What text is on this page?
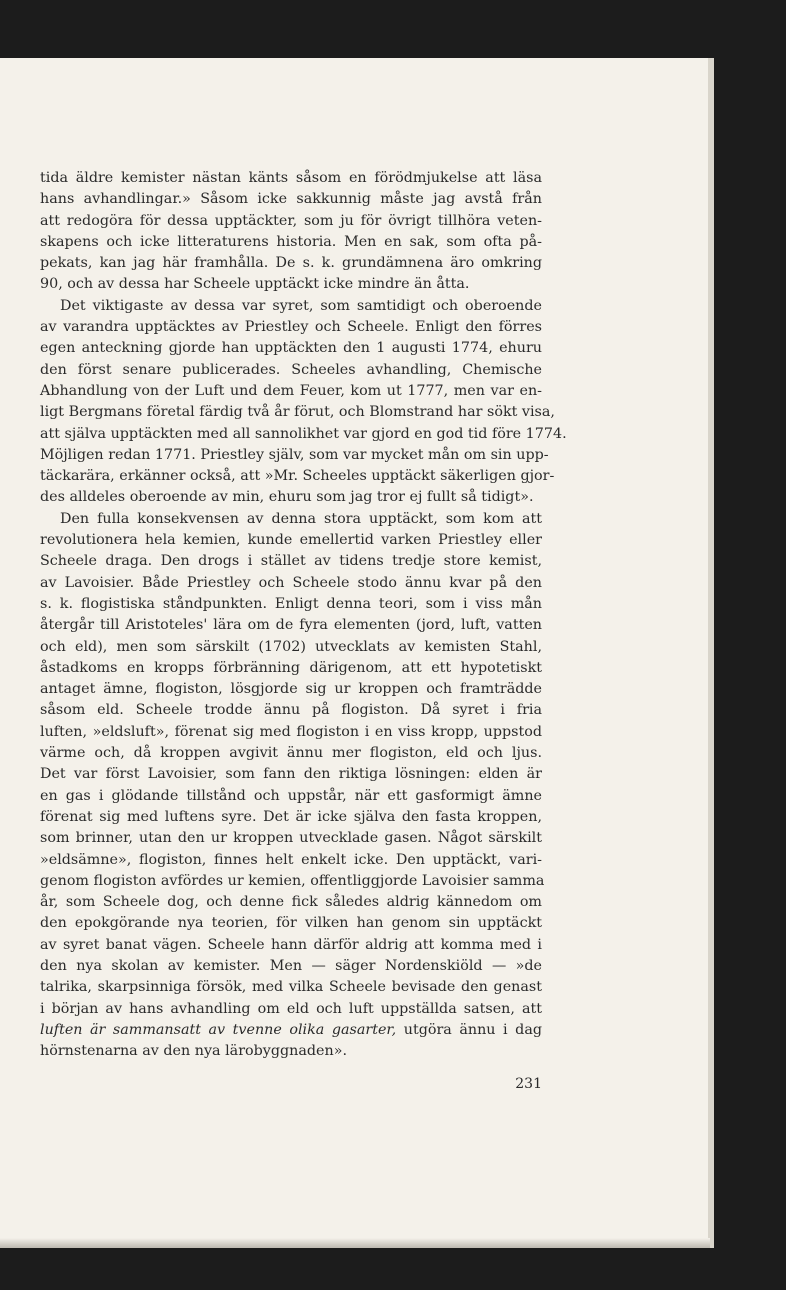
tida äldre kemister nästan känts såsom en förödmjukelse att läsa
hans avhandlingar.» Såsom icke sakkunnig måste jag avstå från
att redogöra för dessa upptäckter, som ju för övrigt tillhöra veten-
skapens och icke litteraturens historia. Men en sak, som ofta på-
pekats, kan jag här framhålla. De s. k. grundämnena äro omkring
90, och av dessa har Scheele upptäckt icke mindre än åtta.
Det viktigaste av dessa var syret, som samtidigt och oberoende
av varandra upptäcktes av Priestley och Scheele. Enligt den förres
egen anteckning gjorde han upptäckten den 1 augusti 1774, ehuru
den först senare publicerades. Scheeles avhandling, Chemische
Abhandlung von der Luft und dem Feuer, kom ut 1777, men var en-
ligt Bergmans företal färdig två år förut, och Blomstrand har sökt visa,
att själva upptäckten med all sannolikhet var gjord en god tid före 1774.
Möjligen redan 1771. Priestley själv, som var mycket mån om sin upp-
täckarära, erkänner också, att »Mr. Scheeles upptäckt säkerligen gjor-
des alldeles oberoende av min, ehuru som jag tror ej fullt så tidigt».
Den fulla konsekvensen av denna stora upptäckt, som kom att
revolutionera hela kemien, kunde emellertid varken Priestley eller
Scheele draga. Den drogs i stället av tidens tredje store kemist,
av Lavoisier. Både Priestley och Scheele stodo ännu kvar på den
s. k. flogistiska ståndpunkten. Enligt denna teori, som i viss mån
återgår till Aristoteles' lära om de fyra elementen (jord, luft, vatten
och eld), men som särskilt (1702) utvecklats av kemisten Stahl,
åstadkoms en kropps förbränning därigenom, att ett hypotetiskt
antaget ämne, flogiston, lösgjorde sig ur kroppen och framträdde
såsom eld. Scheele trodde ännu på flogiston. Då syret i fria
luften, »eldsluft», förenat sig med flogiston i en viss kropp, uppstod
värme och, då kroppen avgivit ännu mer flogiston, eld och ljus.
Det var först Lavoisier, som fann den riktiga lösningen: elden är
en gas i glödande tillstånd och uppstår, när ett gasformigt ämne
förenat sig med luftens syre. Det är icke själva den fasta kroppen,
som brinner, utan den ur kroppen utvecklade gasen. Något särskilt
»eldsämne», flogiston, finnes helt enkelt icke. Den upptäckt, vari-
genom flogiston avfördes ur kemien, offentliggjorde Lavoisier samma
år, som Scheele dog, och denne fick således aldrig kännedom om
den epokgörande nya teorien, för vilken han genom sin upptäckt
av syret banat vägen. Scheele hann därför aldrig att komma med i
den nya skolan av kemister. Men — säger Nordenskiöld — »de
talrika, skarpsinniga försök, med vilka Scheele bevisade den genast
i början av hans avhandling om eld och luft uppställda satsen, att
luften är sammansatt av tvenne olika gasarter, utgöra ännu i dag
hörnstenarna av den nya lärobyggnaden».
231
